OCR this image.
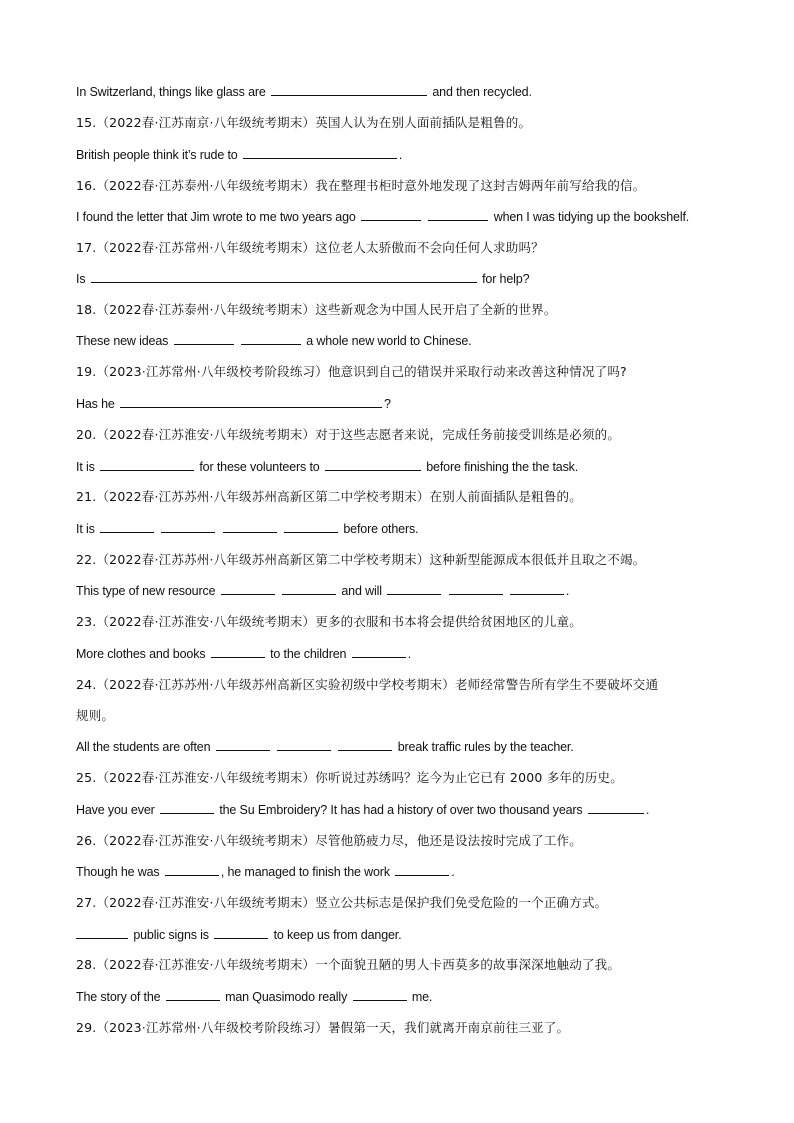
In Switzerland, things like glass are	and then recycled.
15.（2022春·江苏南京·八年级统考期末）英国人认为在别人面前插队是粗鲁的。
British people think it’s rude to	.
16.（2022春·江苏泰州·八年级统考期末）我在整理书柜时意外地发现了这封吉姆两年前写给我的信。
I found the letter that Jim wrote to me two years ago	when I was tidying up the bookshelf.
17.（2022春·江苏常州·八年级统考期末）这位老人太骄傲而不会向任何人求助吗？
Is	for help?
18.（2022春·江苏泰州·八年级统考期末）这些新观念为中国人民开启了全新的世界。
These new ideas	a whole new world to Chinese.
19.（2023·江苏常州·八年级校考阶段练习）他意识到自己的错误并采取行动来改善这种情况了吗?
Has he	?
20.（2022春·江苏淮安·八年级统考期末）对于这些志愿者来说，完成任务前接受训练是必须的。
It is	for these volunteers to	before finishing the the task.
21.（2022春·江苏苏州·八年级苏州高新区第二中学校考期末）在别人前面插队是粗鲁的。
It is	before others.
22.（2022春·江苏苏州·八年级苏州高新区第二中学校考期末）这种新型能源成本很低并且取之不竭。
This type of new resource	and will	.
23.（2022春·江苏淮安·八年级统考期末）更多的衣服和书本将会提供给贫困地区的儿童。
More clothes and books	to the children	.
24.（2022春·江苏苏州·八年级苏州高新区实验初级中学校考期末）老师经常警告所有学生不要破坏交通
规则。
All the students are often	break traffic rules by the teacher.
25.（2022春·江苏淮安·八年级统考期末）你听说过苏绣吗？迄今为止它已有 2000 多年的历史。
Have you ever	the Su Embroidery? It has had a history of over two thousand years	.
26.（2022春·江苏淮安·八年级统考期末）尽管他筋疲力尽，他还是设法按时完成了工作。
Though he was	, he managed to finish the work	.
27.（2022春·江苏淮安·八年级统考期末）竖立公共标志是保护我们免受危险的一个正确方式。
public signs is	to keep us from danger.
28.（2022春·江苏淮安·八年级统考期末）一个面貌丑陋的男人卡西莫多的故事深深地触动了我。
The story of the	man Quasimodo really	me.
29.（2023·江苏常州·八年级校考阶段练习）暑假第一天，我们就离开南京前往三亚了。
